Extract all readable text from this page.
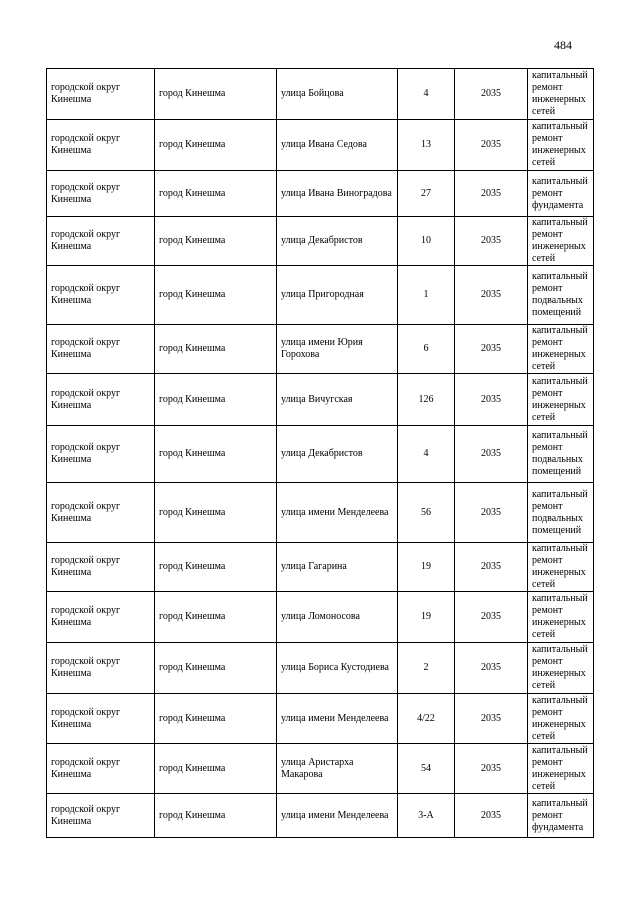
484
городской округ Кинешма	город Кинешма	улица Бойцова	4	2035	капитальный ремонт инженерных сетей
городской округ Кинешма	город Кинешма	улица Ивана Седова	13	2035	капитальный ремонт инженерных сетей
городской округ Кинешма	город Кинешма	улица Ивана Виноградова	27	2035	капитальный ремонт фундамента
городской округ Кинешма	город Кинешма	улица Декабристов	10	2035	капитальный ремонт инженерных сетей
городской округ Кинешма	город Кинешма	улица Пригородная	1	2035	капитальный ремонт подвальных помещений
городской округ Кинешма	город Кинешма	улица имени Юрия Горохова	6	2035	капитальный ремонт инженерных сетей
городской округ Кинешма	город Кинешма	улица Вичугская	126	2035	капитальный ремонт инженерных сетей
городской округ Кинешма	город Кинешма	улица Декабристов	4	2035	капитальный ремонт подвальных помещений
городской округ Кинешма	город Кинешма	улица имени Менделеева	56	2035	капитальный ремонт подвальных помещений
городской округ Кинешма	город Кинешма	улица Гагарина	19	2035	капитальный ремонт инженерных сетей
городской округ Кинешма	город Кинешма	улица Ломоносова	19	2035	капитальный ремонт инженерных сетей
городской округ Кинешма	город Кинешма	улица Бориса Кустодиева	2	2035	капитальный ремонт инженерных сетей
городской округ Кинешма	город Кинешма	улица имени Менделеева	4/22	2035	капитальный ремонт инженерных сетей
городской округ Кинешма	город Кинешма	улица Аристарха Макарова	54	2035	капитальный ремонт инженерных сетей
городской округ Кинешма	город Кинешма	улица имени Менделеева	3-А	2035	капитальный ремонт фундамента
